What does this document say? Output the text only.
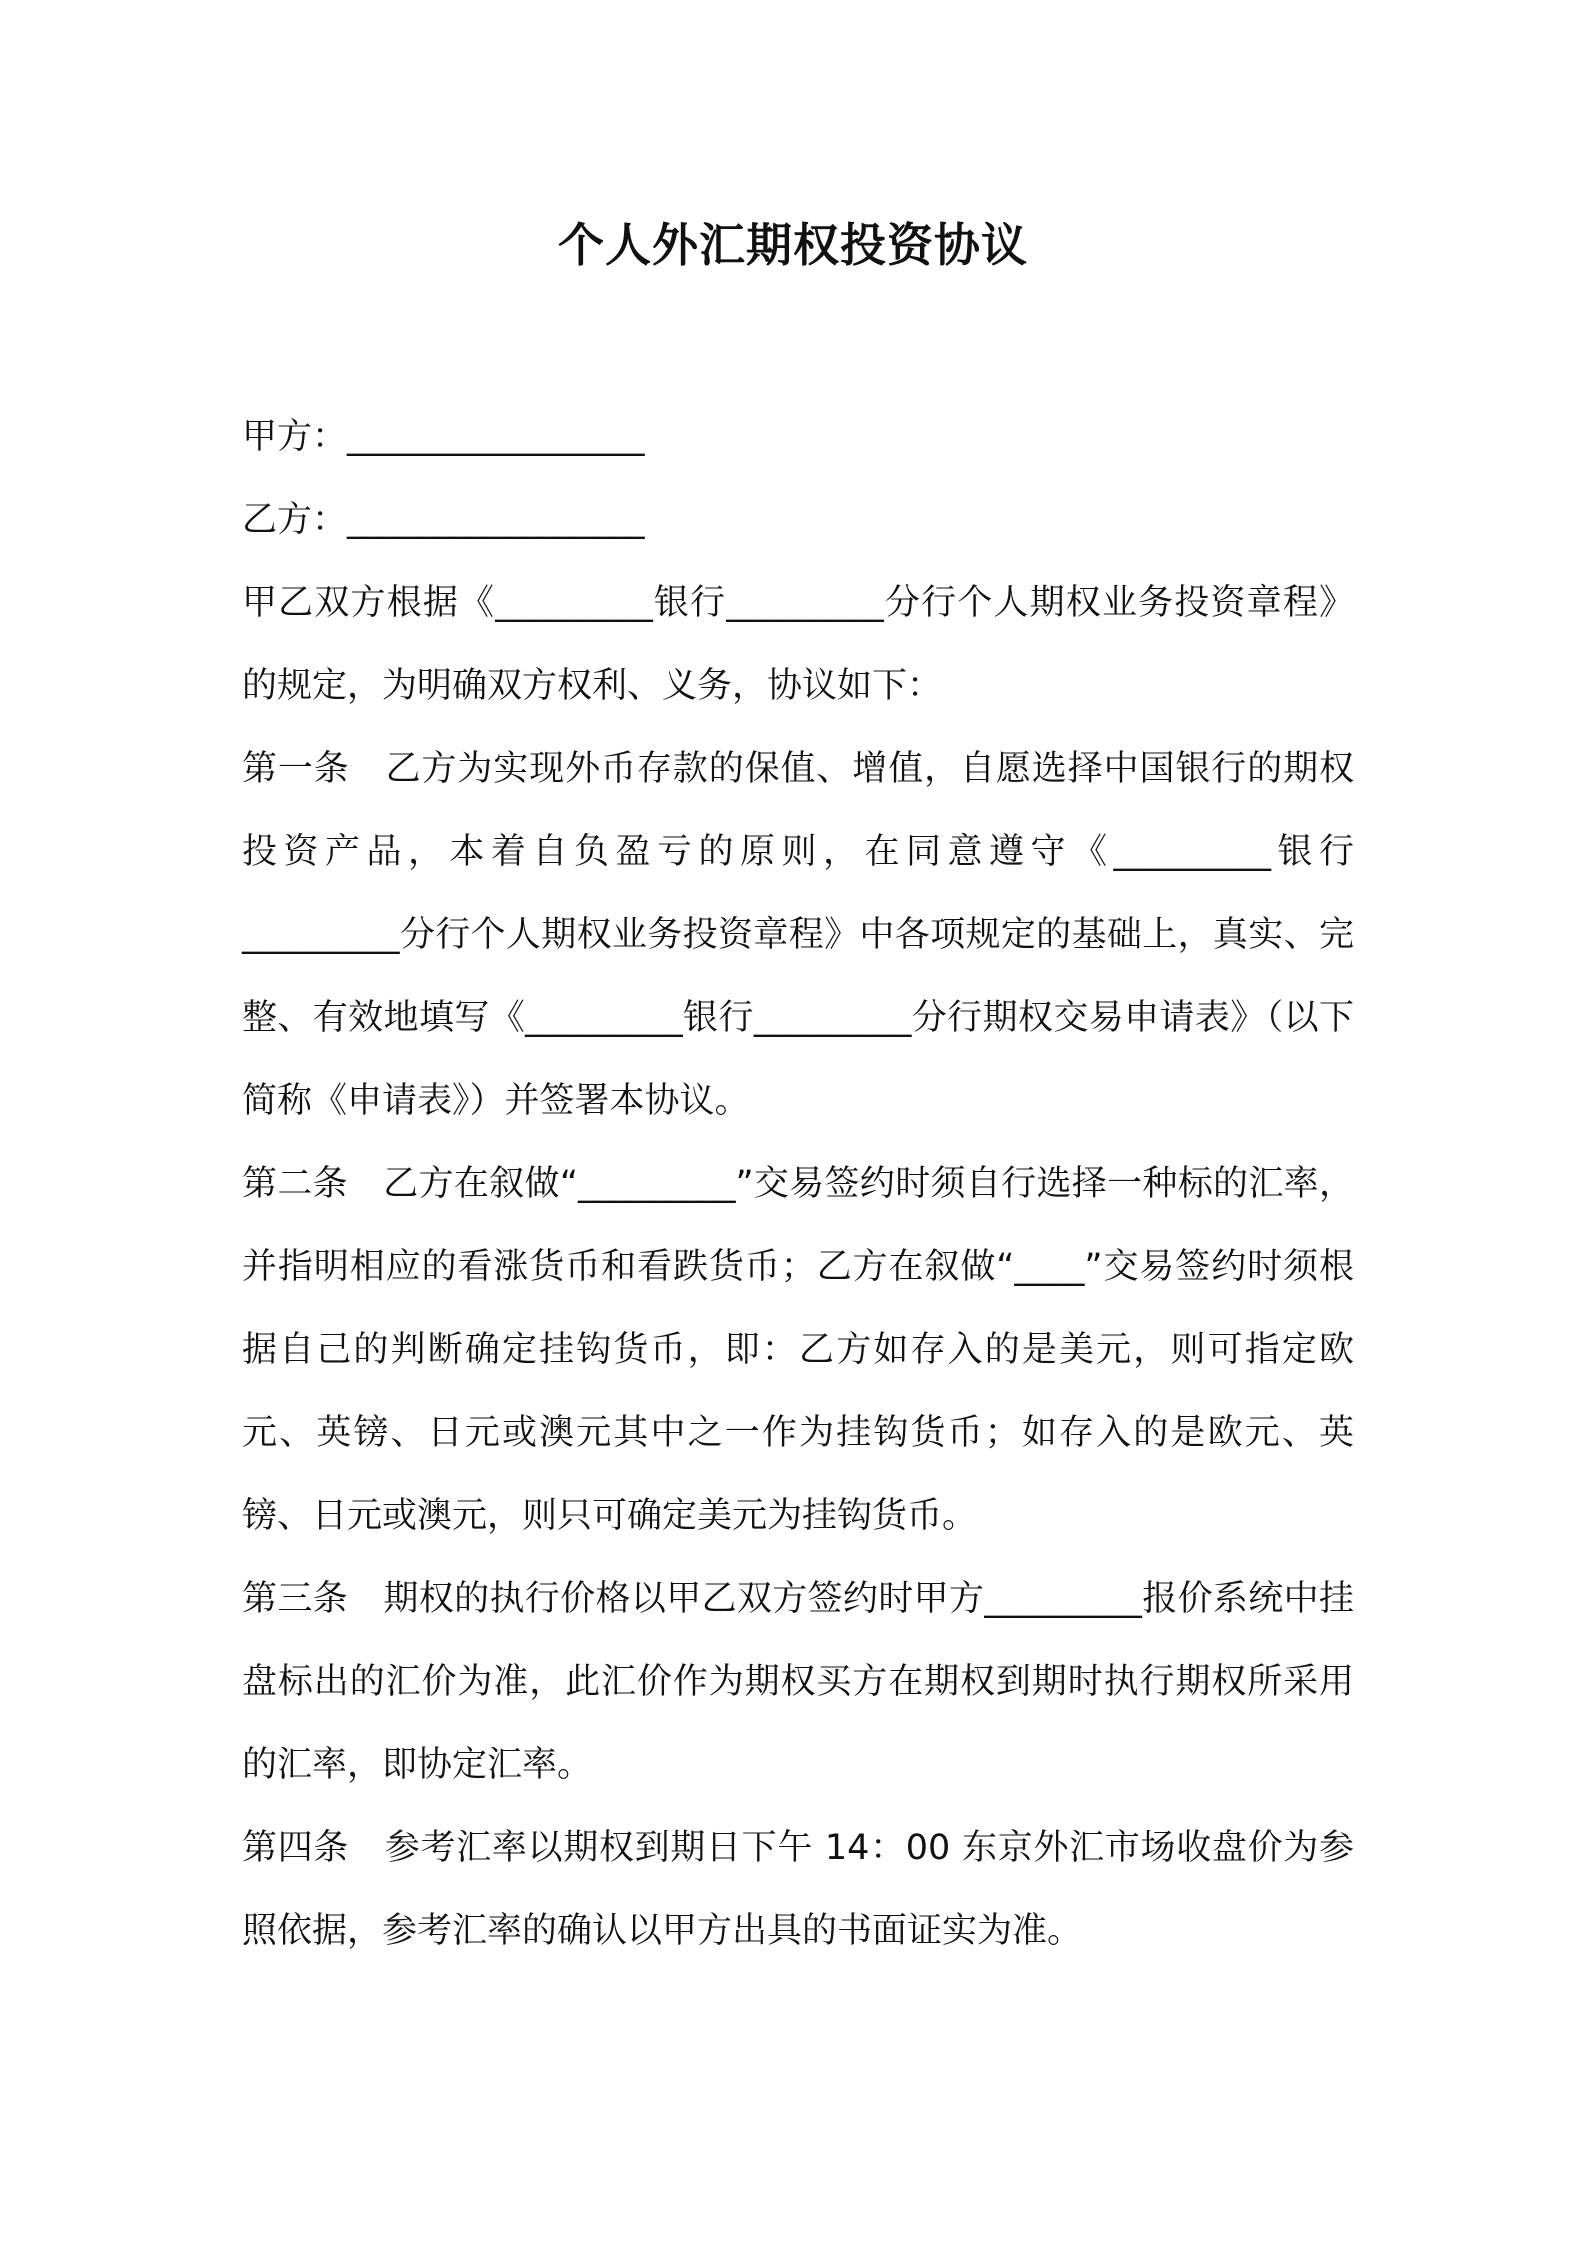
个人外汇期权投资协议

甲方：_________________

乙方：_________________

甲乙双方根据《_________银行_________分行个人期权业务投资章程》的规定，为明确双方权利、义务，协议如下：

第一条　乙方为实现外币存款的保值、增值，自愿选择中国银行的期权投资产品，本着自负盈亏的原则，在同意遵守《_________银行_________分行个人期权业务投资章程》中各项规定的基础上，真实、完整、有效地填写《_________银行_________分行期权交易申请表》（以下简称《申请表》）并签署本协议。

第二条　乙方在叙做“_________”交易签约时须自行选择一种标的汇率，并指明相应的看涨货币和看跌货币；乙方在叙做“____”交易签约时须根据自己的判断确定挂钩货币，即：乙方如存入的是美元，则可指定欧元、英镑、日元或澳元其中之一作为挂钩货币；如存入的是欧元、英镑、日元或澳元，则只可确定美元为挂钩货币。

第三条　期权的执行价格以甲乙双方签约时甲方_________报价系统中挂盘标出的汇价为准，此汇价作为期权买方在期权到期时执行期权所采用的汇率，即协定汇率。

第四条　参考汇率以期权到期日下午 14：00 东京外汇市场收盘价为参照依据，参考汇率的确认以甲方出具的书面证实为准。
